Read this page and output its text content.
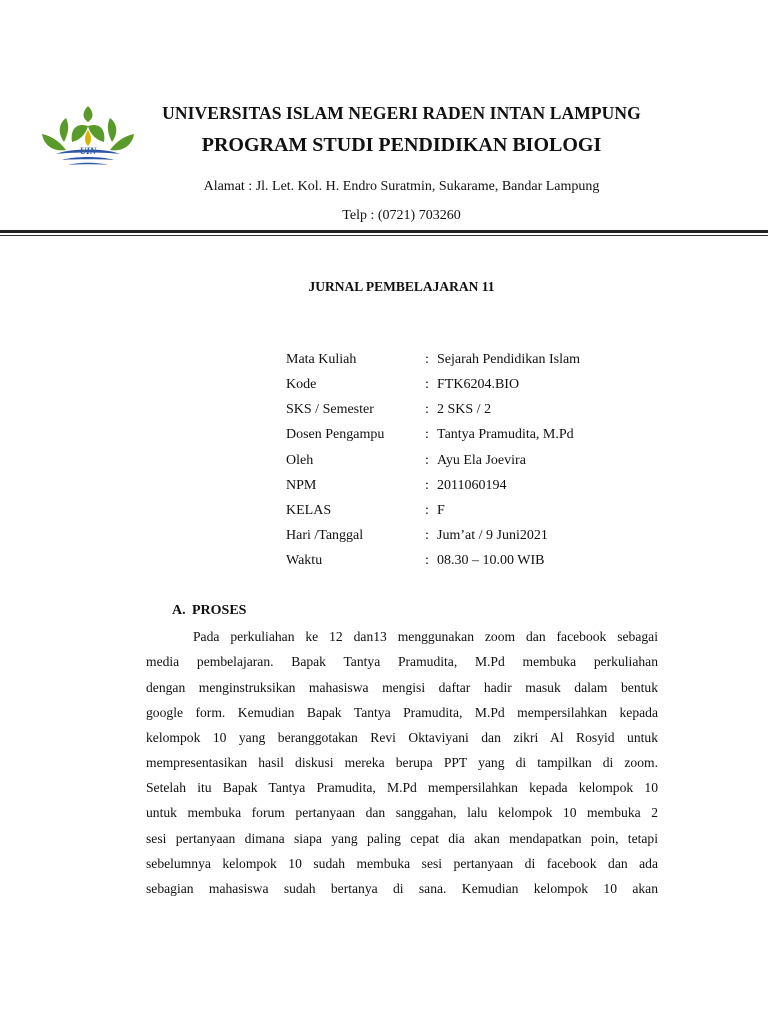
UIN
UNIVERSITAS ISLAM NEGERI RADEN INTAN LAMPUNG
PROGRAM STUDI PENDIDIKAN BIOLOGI
Alamat : Jl. Let. Kol. H. Endro Suratmin, Sukarame, Bandar Lampung
Telp : (0721) 703260
JURNAL PEMBELAJARAN 11
Mata Kuliah	: Sejarah Pendidikan Islam
Kode	: FTK6204.BIO
SKS / Semester	: 2 SKS / 2
Dosen Pengampu	: Tantya Pramudita, M.Pd
Oleh	: Ayu Ela Joevira
NPM	: 2011060194
KELAS	: F
Hari /Tanggal	: Jum’at / 9 Juni2021
Waktu	: 08.30 – 10.00 WIB
A. PROSES
Pada perkuliahan ke 12 dan13 menggunakan zoom dan facebook sebagai
media pembelajaran. Bapak Tantya Pramudita, M.Pd membuka perkuliahan
dengan menginstruksikan mahasiswa mengisi daftar hadir masuk dalam bentuk
google form. Kemudian Bapak Tantya Pramudita, M.Pd mempersilahkan kepada
kelompok 10 yang beranggotakan Revi Oktaviyani dan zikri Al Rosyid untuk
mempresentasikan hasil diskusi mereka berupa PPT yang di tampilkan di zoom.
Setelah itu Bapak Tantya Pramudita, M.Pd mempersilahkan kepada kelompok 10
untuk membuka forum pertanyaan dan sanggahan, lalu kelompok 10 membuka 2
sesi pertanyaan dimana siapa yang paling cepat dia akan mendapatkan poin, tetapi
sebelumnya kelompok 10 sudah membuka sesi pertanyaan di facebook dan ada
sebagian mahasiswa sudah bertanya di sana. Kemudian kelompok 10 akan
